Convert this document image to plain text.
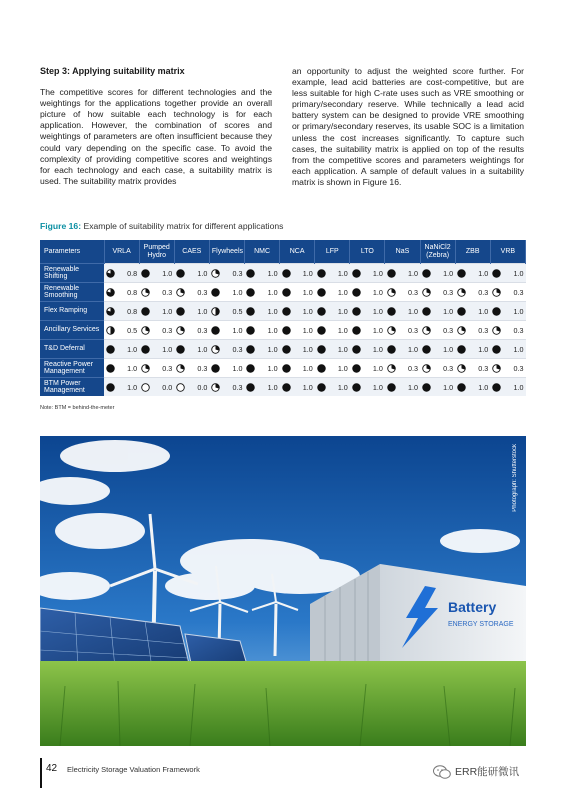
Step 3: Applying suitability matrix

The competitive scores for different technologies and the weightings for the applications together provide an overall picture of how suitable each technology is for each application. However, the combination of scores and weightings of parameters are often insufficient because they could vary depending on the specific case. To avoid the complexity of providing competitive scores and weightings for each technology and each case, a suitability matrix is used. The suitability matrix provides

an opportunity to adjust the weighted score further. For example, lead acid batteries are cost-competitive, but are less suitable for high C-rate uses such as VRE smoothing or primary/secondary reserve. While technically a lead acid battery system can be designed to provide VRE smoothing or primary/secondary reserves, its usable SOC is a limitation unless the cost increases significantly. To capture such cases, the suitability matrix is applied on top of the results from the competitive scores and parameters weightings for each application. A sample of default values in a suitability matrix is shown in Figure 16.

Figure 16: Example of suitability matrix for different applications
Parameters	VRLA	Pumped Hydro	CAES	Flywheels	NMC	NCA	LFP	LTO	NaS	NaNiCl2 (Zebra)	ZBB	VRB
Renewable Shifting	0.8	1.0	1.0	0.3	1.0	1.0	1.0	1.0	1.0	1.0	1.0	1.0

Renewable Smoothing	0.8	0.3	0.3	1.0	1.0	1.0	1.0	1.0	0.3	0.3	0.3	0.3

Flex Ramping	0.8	1.0	1.0	0.5	1.0	1.0	1.0	1.0	1.0	1.0	1.0	1.0

Ancillary Services	0.5	0.3	0.3	1.0	1.0	1.0	1.0	1.0	0.3	0.3	0.3	0.3

T&D Deferral	1.0	1.0	1.0	0.3	1.0	1.0	1.0	1.0	1.0	1.0	1.0	1.0

Reactive Power Management	1.0	0.3	0.3	1.0	1.0	1.0	1.0	1.0	0.3	0.3	0.3	0.3

BTM Power Management	1.0	0.0	0.0	0.3	1.0	1.0	1.0	1.0	1.0	1.0	1.0	1.0
Note: BTM = behind-the-meter
Battery
ENERGY STORAGE
Photograph: Shutterstock
42 Electricity Storage Valuation Framework	ERR能研微讯
